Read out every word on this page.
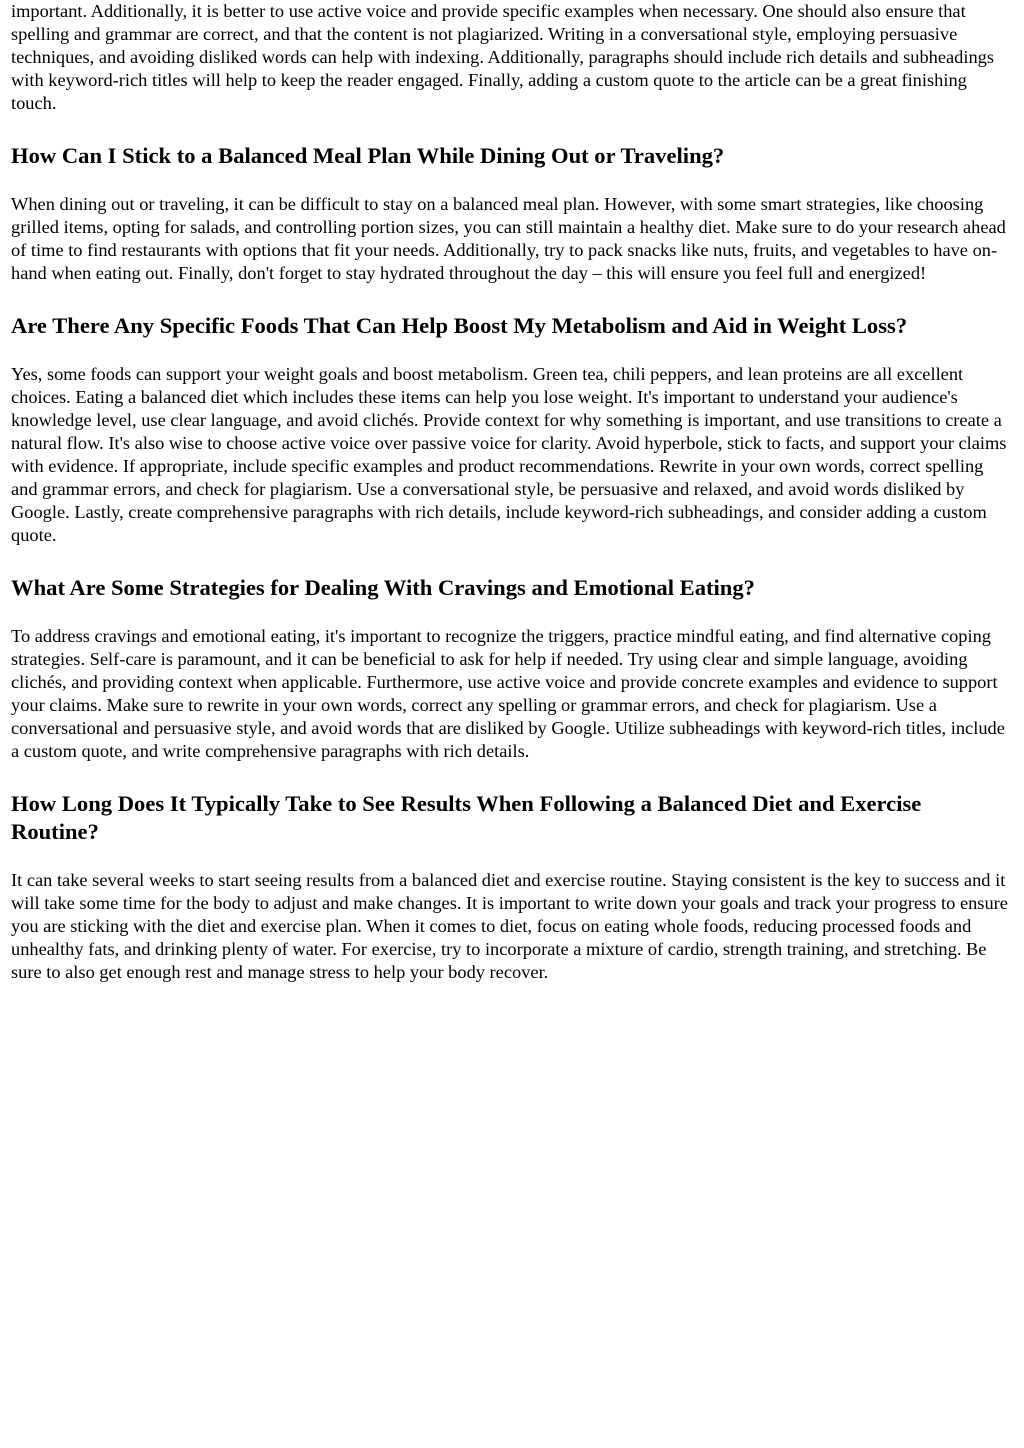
important. Additionally, it is better to use active voice and provide specific examples when necessary. One should also ensure that spelling and grammar are correct, and that the content is not plagiarized. Writing in a conversational style, employing persuasive techniques, and avoiding disliked words can help with indexing. Additionally, paragraphs should include rich details and subheadings with keyword-rich titles will help to keep the reader engaged. Finally, adding a custom quote to the article can be a great finishing touch.

How Can I Stick to a Balanced Meal Plan While Dining Out or Traveling?

When dining out or traveling, it can be difficult to stay on a balanced meal plan. However, with some smart strategies, like choosing grilled items, opting for salads, and controlling portion sizes, you can still maintain a healthy diet. Make sure to do your research ahead of time to find restaurants with options that fit your needs. Additionally, try to pack snacks like nuts, fruits, and vegetables to have on-hand when eating out. Finally, don't forget to stay hydrated throughout the day – this will ensure you feel full and energized!

Are There Any Specific Foods That Can Help Boost My Metabolism and Aid in Weight Loss?

Yes, some foods can support your weight goals and boost metabolism. Green tea, chili peppers, and lean proteins are all excellent choices. Eating a balanced diet which includes these items can help you lose weight. It's important to understand your audience's knowledge level, use clear language, and avoid clichés. Provide context for why something is important, and use transitions to create a natural flow. It's also wise to choose active voice over passive voice for clarity. Avoid hyperbole, stick to facts, and support your claims with evidence. If appropriate, include specific examples and product recommendations. Rewrite in your own words, correct spelling and grammar errors, and check for plagiarism. Use a conversational style, be persuasive and relaxed, and avoid words disliked by Google. Lastly, create comprehensive paragraphs with rich details, include keyword-rich subheadings, and consider adding a custom quote.

What Are Some Strategies for Dealing With Cravings and Emotional Eating?

To address cravings and emotional eating, it's important to recognize the triggers, practice mindful eating, and find alternative coping strategies. Self-care is paramount, and it can be beneficial to ask for help if needed. Try using clear and simple language, avoiding clichés, and providing context when applicable. Furthermore, use active voice and provide concrete examples and evidence to support your claims. Make sure to rewrite in your own words, correct any spelling or grammar errors, and check for plagiarism. Use a conversational and persuasive style, and avoid words that are disliked by Google. Utilize subheadings with keyword-rich titles, include a custom quote, and write comprehensive paragraphs with rich details.

How Long Does It Typically Take to See Results When Following a Balanced Diet and Exercise Routine?

It can take several weeks to start seeing results from a balanced diet and exercise routine. Staying consistent is the key to success and it will take some time for the body to adjust and make changes. It is important to write down your goals and track your progress to ensure you are sticking with the diet and exercise plan. When it comes to diet, focus on eating whole foods, reducing processed foods and unhealthy fats, and drinking plenty of water. For exercise, try to incorporate a mixture of cardio, strength training, and stretching. Be sure to also get enough rest and manage stress to help your body recover.
